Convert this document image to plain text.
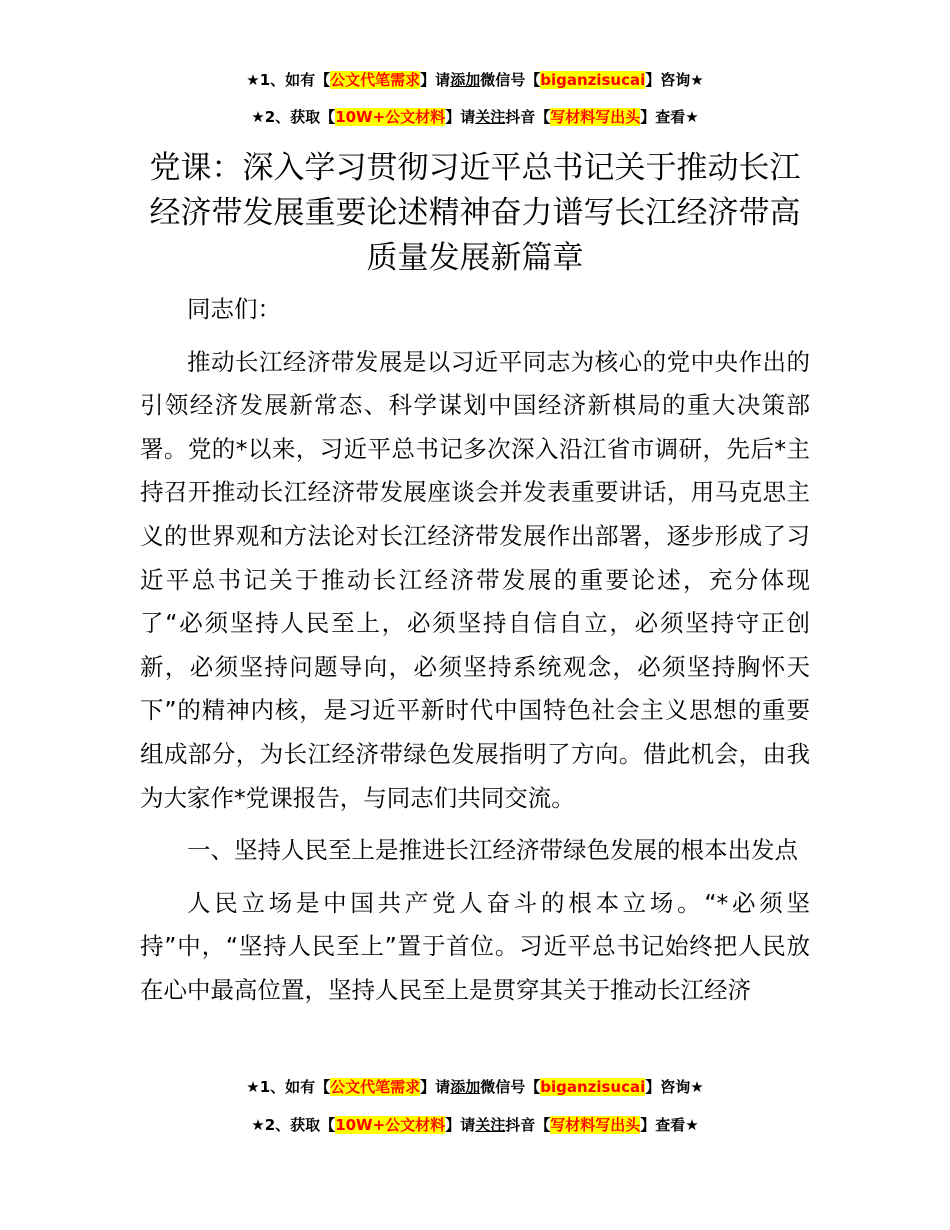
★1、如有【公文代笔需求】请添加微信号【biganzisucai】咨询★
★2、获取【10W+公文材料】请关注抖音【写材料写出头】查看★
党课：深入学习贯彻习近平总书记关于推动长江经济带发展重要论述精神奋力谱写长江经济带高质量发展新篇章

同志们：

推动长江经济带发展是以习近平同志为核心的党中央作出的引领经济发展新常态、科学谋划中国经济新棋局的重大决策部署。党的*以来，习近平总书记多次深入沿江省市调研，先后*主持召开推动长江经济带发展座谈会并发表重要讲话，用马克思主义的世界观和方法论对长江经济带发展作出部署，逐步形成了习近平总书记关于推动长江经济带发展的重要论述，充分体现了“必须坚持人民至上，必须坚持自信自立，必须坚持守正创新，必须坚持问题导向，必须坚持系统观念，必须坚持胸怀天下”的精神内核，是习近平新时代中国特色社会主义思想的重要组成部分，为长江经济带绿色发展指明了方向。借此机会，由我为大家作*党课报告，与同志们共同交流。

一、坚持人民至上是推进长江经济带绿色发展的根本出发点

人民立场是中国共产党人奋斗的根本立场。“*必须坚持”中，“坚持人民至上”置于首位。习近平总书记始终把人民放在心中最高位置，坚持人民至上是贯穿其关于推动长江经济

★1、如有【公文代笔需求】请添加微信号【biganzisucai】咨询★
★2、获取【10W+公文材料】请关注抖音【写材料写出头】查看★
